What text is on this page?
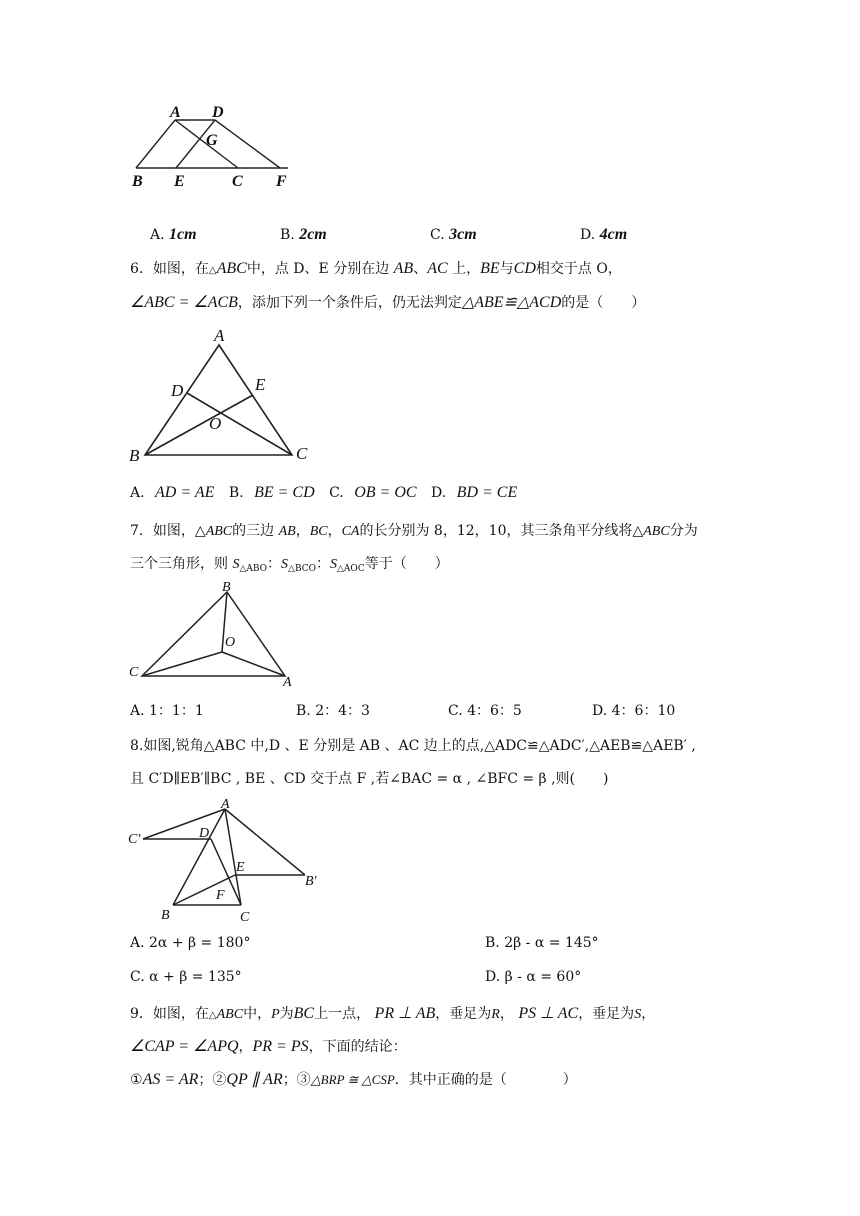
A D
G
B E	C F
A. 1cm	B. 2cm	C. 3cm	D. 4cm
6．如图，在△ABC中，点 D、E 分别在边 AB、AC 上，BE与CD相交于点 O，
∠ABC = ∠ACB，添加下列一个条件后，仍无法判定△ABE≌△ACD的是（　　）
A
D	E
O
B	C
A. AD = AE B. BE = CD C. OB = OC D. BD = CE
7．如图，△ABC的三边 AB，BC，CA的长分别为 8，12，10，其三条角平分线将△ABC分为
三个三角形，则 $S_{\triangle ABO}$：$S_{\triangle BCO}$：$S_{\triangle AOC}$等于（　　）
B
O
C
A
A. 1：1：1	B. 2：4：3	C. 4：6：5	D. 4：6：10
8.如图,锐角△ABC 中,D 、E 分别是 AB 、AC 边上的点,△ADC≌△ADC′,△AEB≌△AEB′ ,
且 C′D∥EB′∥BC , BE 、CD 交于点 F ,若∠BAC = α , ∠BFC = β ,则(　　)
A
C′	D
E
B′
F
B	C
A. 2α + β = 180°	B. 2β - α = 145°
C. α + β = 135°	D. β - α = 60°
9．如图，在△ABC中，P为BC上一点， PR ⊥ AB，垂足为R， PS ⊥ AC，垂足为S，
∠CAP = ∠APQ，PR = PS，下面的结论：
①AS = AR；②QP ∥ AR；③△BRP ≅ △CSP．其中正确的是（　　　　）
